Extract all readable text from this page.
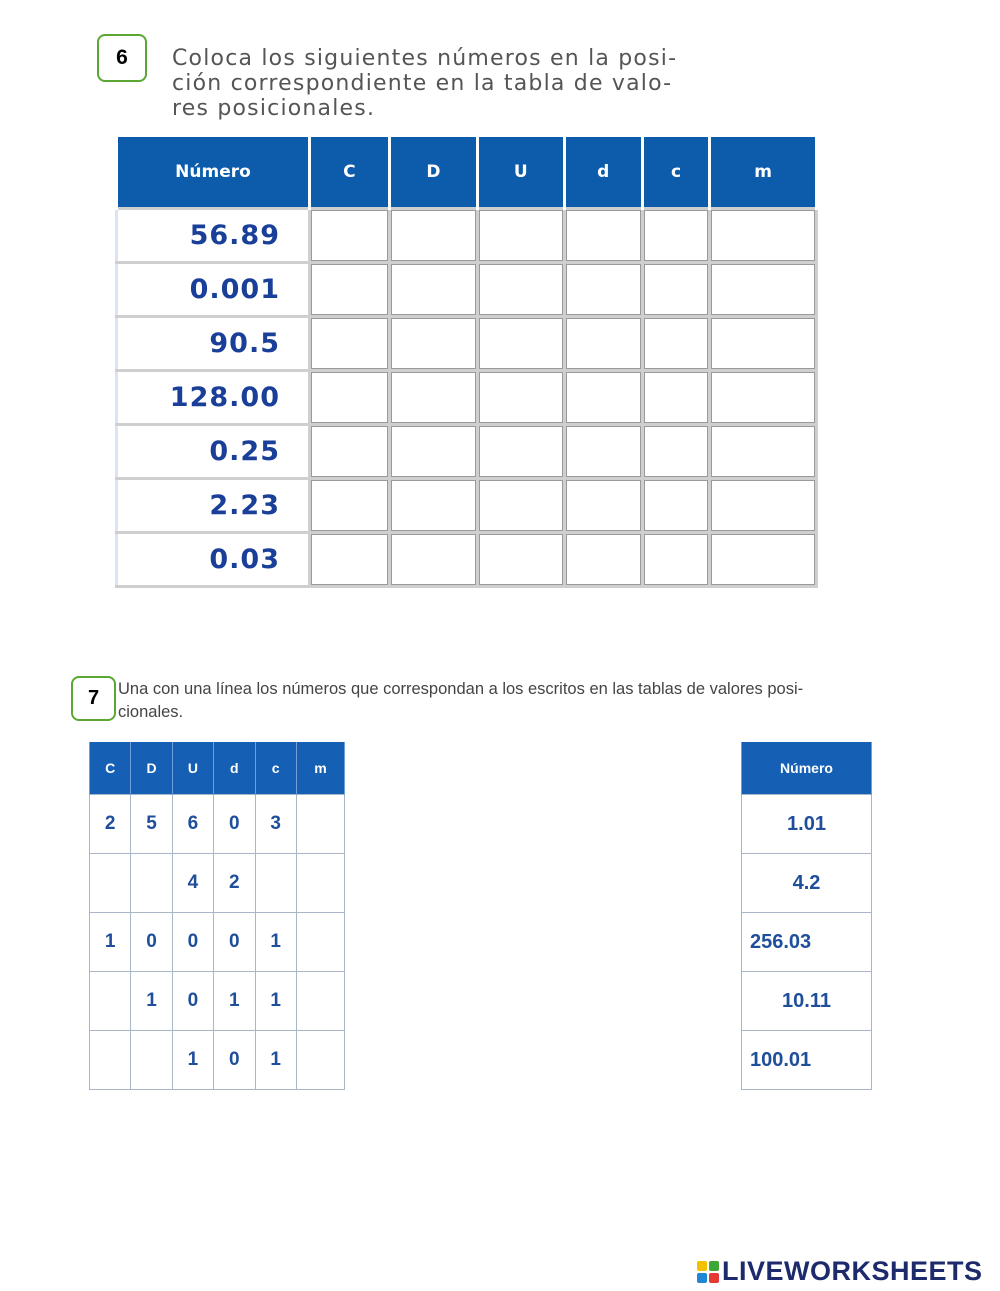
6 Coloca los siguientes números en la posi-
ción correspondiente en la tabla de valo-
res posicionales.
Número	C	D	U	d	c	m
56.89						
0.001						
90.5						
128.00						
0.25						
2.23						
0.03						
7 Una con una línea los números que correspondan a los escritos en las tablas de valores posi-
cionales.
C	D	U	d	c	m
2	5	6	0	3	
		4	2		
1	0	0	0	1	
	1	0	1	1	
		1	0	1	
Número
1.01
4.2
256.03
10.11
100.01
LIVEWORKSHEETS
